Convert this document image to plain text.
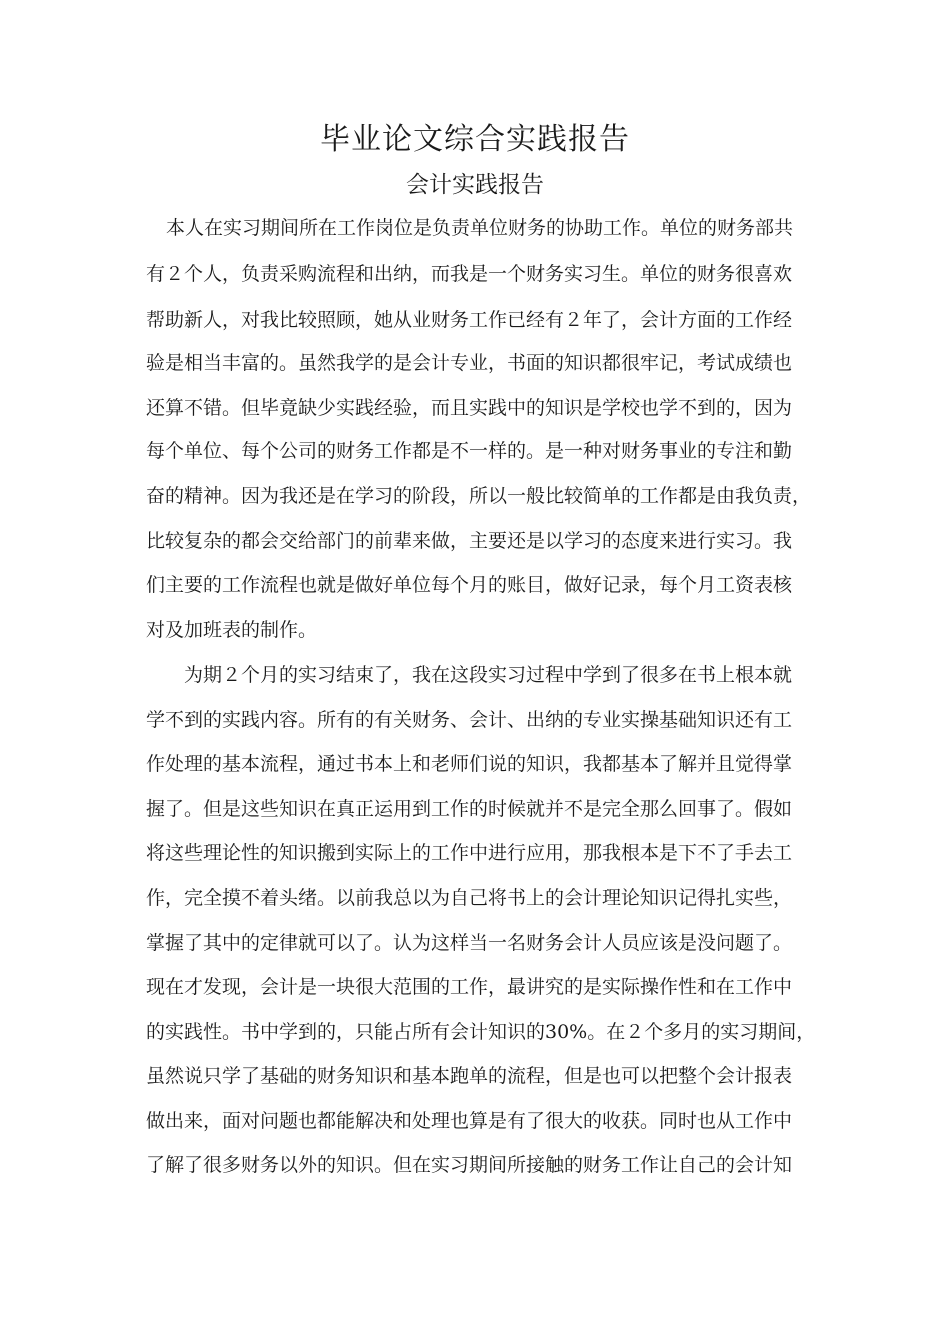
毕业论文综合实践报告
会计实践报告
本人在实习期间所在工作岗位是负责单位财务的协助工作。单位的财务部共
有２个人，负责采购流程和出纳，而我是一个财务实习生。单位的财务很喜欢
帮助新人，对我比较照顾，她从业财务工作已经有２年了，会计方面的工作经
验是相当丰富的。虽然我学的是会计专业，书面的知识都很牢记，考试成绩也
还算不错。但毕竟缺少实践经验，而且实践中的知识是学校也学不到的，因为
每个单位、每个公司的财务工作都是不一样的。是一种对财务事业的专注和勤
奋的精神。因为我还是在学习的阶段，所以一般比较简单的工作都是由我负责，
比较复杂的都会交给部门的前辈来做，主要还是以学习的态度来进行实习。我
们主要的工作流程也就是做好单位每个月的账目，做好记录，每个月工资表核
对及加班表的制作。
为期２个月的实习结束了，我在这段实习过程中学到了很多在书上根本就
学不到的实践内容。所有的有关财务、会计、出纳的专业实操基础知识还有工
作处理的基本流程，通过书本上和老师们说的知识，我都基本了解并且觉得掌
握了。但是这些知识在真正运用到工作的时候就并不是完全那么回事了。假如
将这些理论性的知识搬到实际上的工作中进行应用，那我根本是下不了手去工
作，完全摸不着头绪。以前我总以为自己将书上的会计理论知识记得扎实些，
掌握了其中的定律就可以了。认为这样当一名财务会计人员应该是没问题了。
现在才发现，会计是一块很大范围的工作，最讲究的是实际操作性和在工作中
的实践性。书中学到的，只能占所有会计知识的30%。在２个多月的实习期间，
虽然说只学了基础的财务知识和基本跑单的流程，但是也可以把整个会计报表
做出来，面对问题也都能解决和处理也算是有了很大的收获。同时也从工作中
了解了很多财务以外的知识。但在实习期间所接触的财务工作让自己的会计知
